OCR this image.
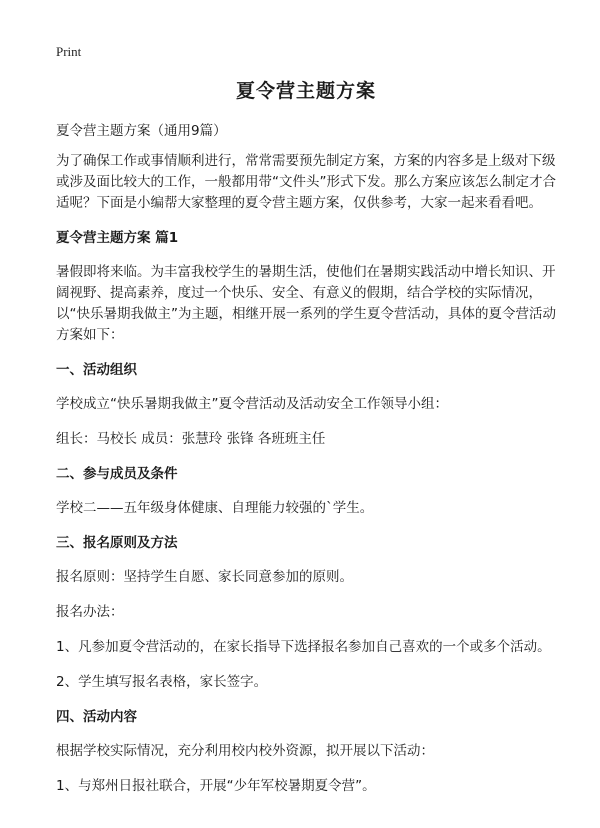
Print
夏令营主题方案
夏令营主题方案（通用9篇）
为了确保工作或事情顺利进行，常常需要预先制定方案，方案的内容多是上级对下级或涉及面比较大的工作，一般都用带“文件头”形式下发。那么方案应该怎么制定才合适呢？下面是小编帮大家整理的夏令营主题方案，仅供参考，大家一起来看看吧。
夏令营主题方案 篇1
暑假即将来临。为丰富我校学生的暑期生活，使他们在暑期实践活动中增长知识、开阔视野、提高素养，度过一个快乐、安全、有意义的假期，结合学校的实际情况，以“快乐暑期我做主”为主题，相继开展一系列的学生夏令营活动，具体的夏令营活动方案如下：
一、活动组织
学校成立“快乐暑期我做主”夏令营活动及活动安全工作领导小组：
组长：马校长 成员：张慧玲 张锋 各班班主任
二、参与成员及条件
学校二——五年级身体健康、自理能力较强的`学生。
三、报名原则及方法
报名原则：坚持学生自愿、家长同意参加的原则。
报名办法：
1、凡参加夏令营活动的，在家长指导下选择报名参加自己喜欢的一个或多个活动。
2、学生填写报名表格，家长签字。
四、活动内容
根据学校实际情况，充分利用校内校外资源，拟开展以下活动：
1、与郑州日报社联合，开展“少年军校暑期夏令营”。
